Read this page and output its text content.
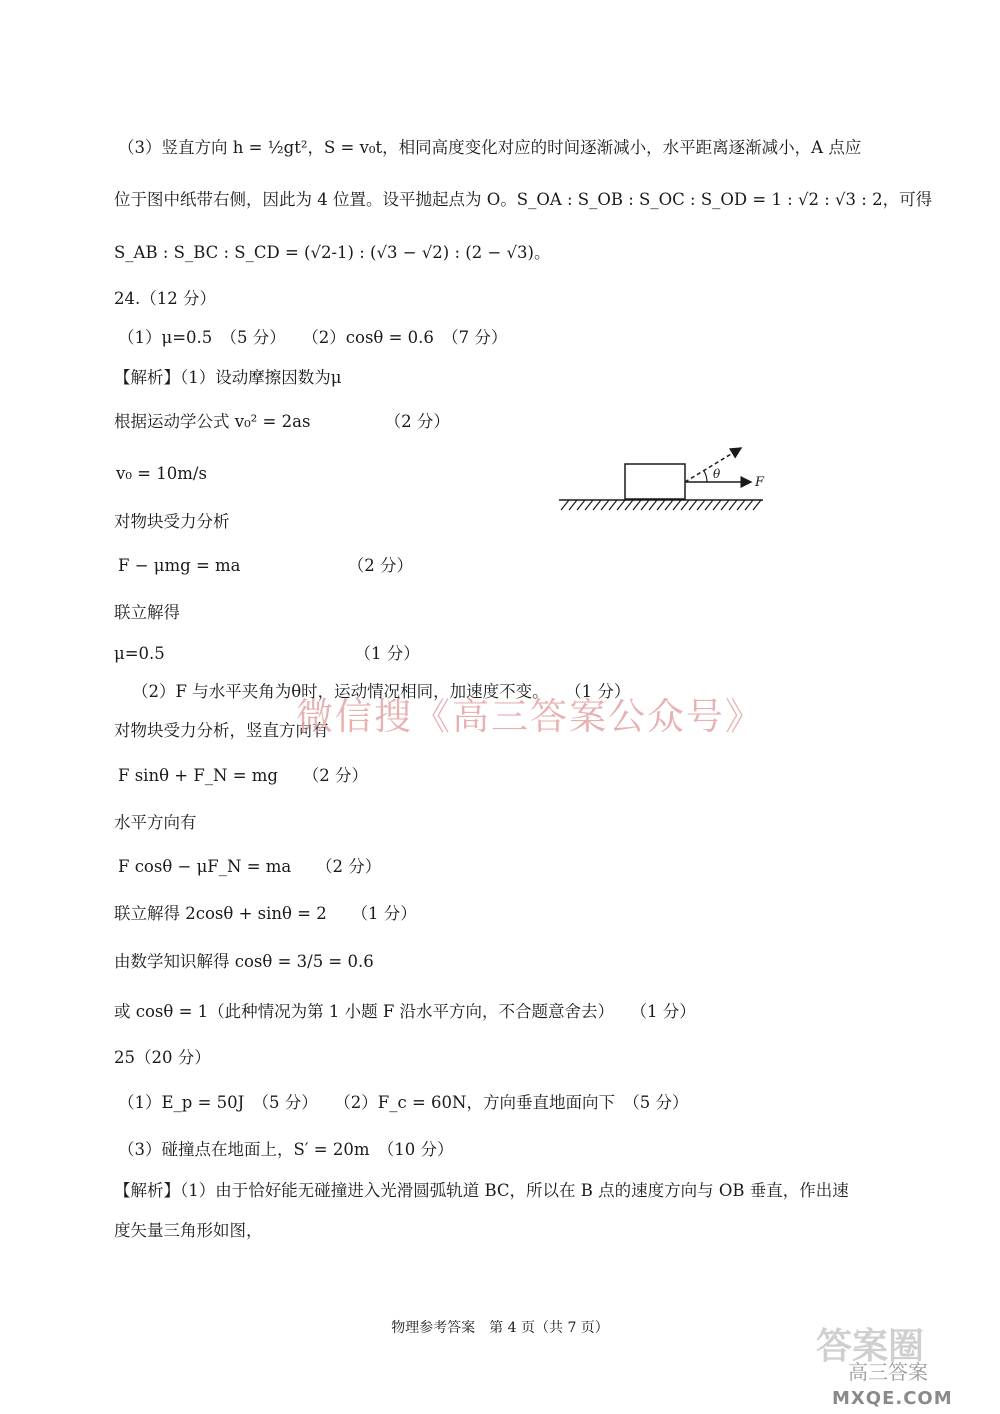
（3）竖直方向 h = ½gt²，S = v₀t，相同高度变化对应的时间逐渐减小，水平距离逐渐减小，A 点应
位于图中纸带右侧，因此为 4 位置。设平抛起点为 O。S_OA : S_OB : S_OC : S_OD = 1 : √2 : √3 : 2，可得
S_AB : S_BC : S_CD = (√2-1) : (√3 − √2) : (2 − √3)。
24.（12 分）
（1）μ=0.5　（5 分）　　（2）cosθ = 0.6　（7 分）
【解析】（1）设动摩擦因数为μ
根据运动学公式 v₀² = 2as　　　　　（2 分）
v₀ = 10m/s
对物块受力分析
F − μmg = ma　　　　　　　（2 分）
联立解得
μ=0.5　　　　　　　　　　　　（1 分）
（2）F 与水平夹角为θ时，运动情况相同，加速度不变。　　（1 分）
对物块受力分析，竖直方向有
F sinθ + F_N = mg　　（2 分）
水平方向有
F cosθ − μF_N = ma　　（2 分）
联立解得 2cosθ + sinθ = 2　　（1 分）
由数学知识解得 cosθ = 3/5 = 0.6
或 cosθ = 1（此种情况为第 1 小题 F 沿水平方向，不合题意舍去）　　（1 分）
25（20 分）
（1）E_p = 50J　（5 分）　　（2）F_c = 60N，方向垂直地面向下　（5 分）
（3）碰撞点在地面上，S′ = 20m　（10 分）
【解析】（1）由于恰好能无碰撞进入光滑圆弧轨道 BC，所以在 B 点的速度方向与 OB 垂直，作出速
度矢量三角形如图，
θ
F
微信搜《高三答案公众号》
物理参考答案　第 4 页（共 7 页）	答案圈
高三答案
MXQE.COM
